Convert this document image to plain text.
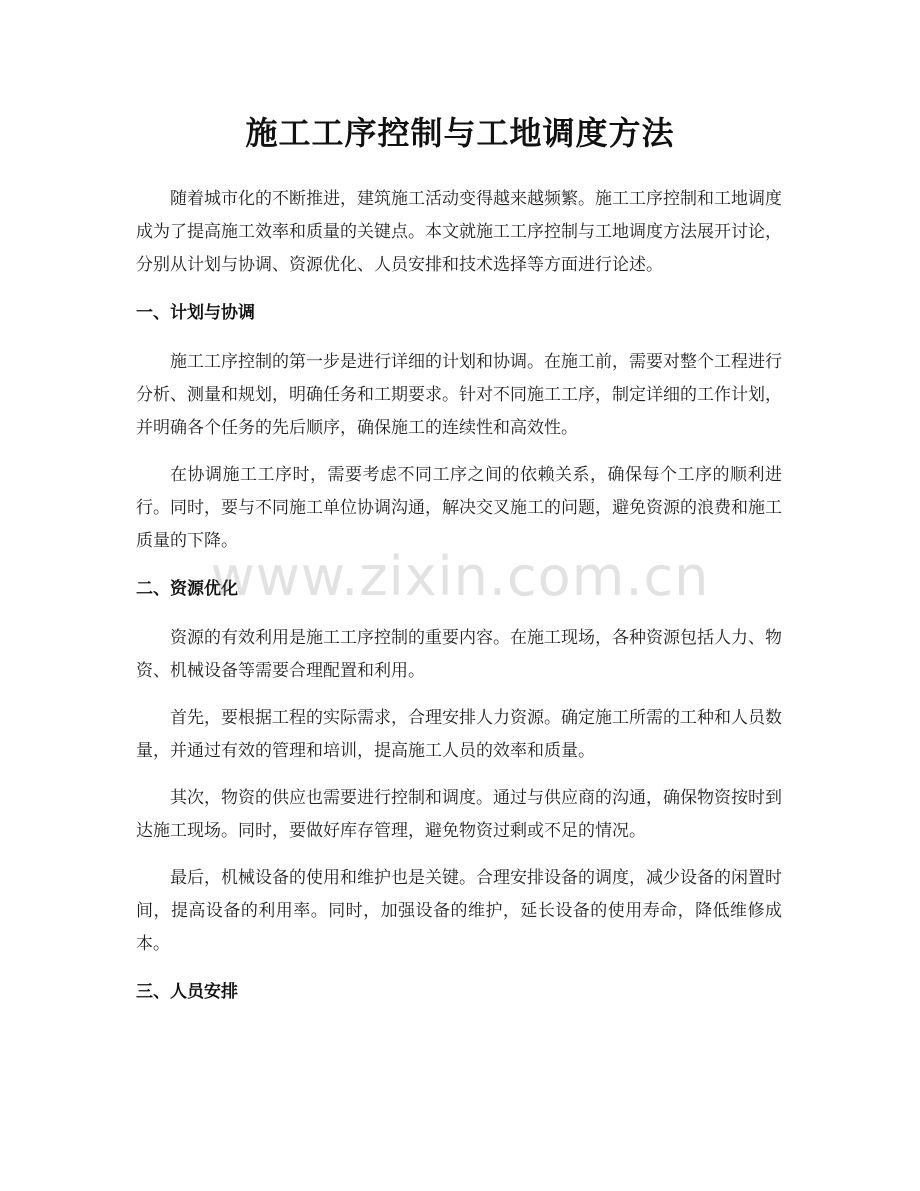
施工工序控制与工地调度方法

随着城市化的不断推进，建筑施工活动变得越来越频繁。施工工序控制和工地调度成为了提高施工效率和质量的关键点。本文就施工工序控制与工地调度方法展开讨论，分别从计划与协调、资源优化、人员安排和技术选择等方面进行论述。

一、计划与协调

施工工序控制的第一步是进行详细的计划和协调。在施工前，需要对整个工程进行分析、测量和规划，明确任务和工期要求。针对不同施工工序，制定详细的工作计划，并明确各个任务的先后顺序，确保施工的连续性和高效性。

在协调施工工序时，需要考虑不同工序之间的依赖关系，确保每个工序的顺利进行。同时，要与不同施工单位协调沟通，解决交叉施工的问题，避免资源的浪费和施工质量的下降。

二、资源优化

资源的有效利用是施工工序控制的重要内容。在施工现场，各种资源包括人力、物资、机械设备等需要合理配置和利用。

首先，要根据工程的实际需求，合理安排人力资源。确定施工所需的工种和人员数量，并通过有效的管理和培训，提高施工人员的效率和质量。

其次，物资的供应也需要进行控制和调度。通过与供应商的沟通，确保物资按时到达施工现场。同时，要做好库存管理，避免物资过剩或不足的情况。

最后，机械设备的使用和维护也是关键。合理安排设备的调度，减少设备的闲置时间，提高设备的利用率。同时，加强设备的维护，延长设备的使用寿命，降低维修成本。

三、人员安排
www.zixin.com.cn
